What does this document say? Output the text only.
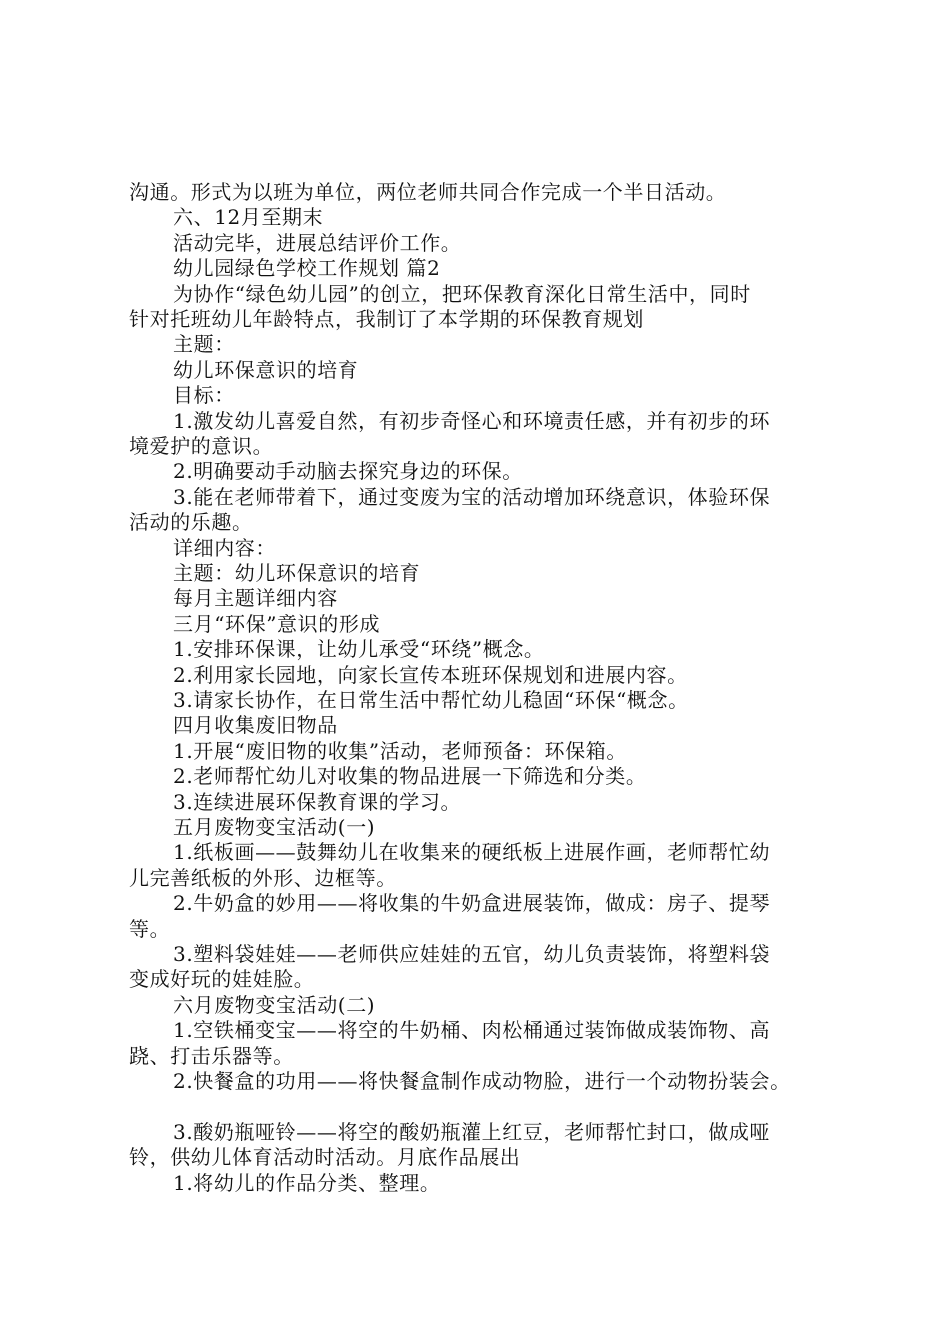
沟通。形式为以班为单位，两位老师共同合作完成一个半日活动。
六、12月至期末
活动完毕，进展总结评价工作。
幼儿园绿色学校工作规划 篇2
为协作“绿色幼儿园”的创立，把环保教育深化日常生活中，同时
针对托班幼儿年龄特点，我制订了本学期的环保教育规划
主题：
幼儿环保意识的培育
目标：
1.激发幼儿喜爱自然，有初步奇怪心和环境责任感，并有初步的环
境爱护的意识。
2.明确要动手动脑去探究身边的环保。
3.能在老师带着下，通过变废为宝的活动增加环绕意识，体验环保
活动的乐趣。
详细内容：
主题：幼儿环保意识的培育
每月主题详细内容
三月“环保”意识的形成
1.安排环保课，让幼儿承受“环绕”概念。
2.利用家长园地，向家长宣传本班环保规划和进展内容。
3.请家长协作，在日常生活中帮忙幼儿稳固“环保“概念。
四月收集废旧物品
1.开展“废旧物的收集”活动，老师预备：环保箱。
2.老师帮忙幼儿对收集的物品进展一下筛选和分类。
3.连续进展环保教育课的学习。
五月废物变宝活动(一)
1.纸板画——鼓舞幼儿在收集来的硬纸板上进展作画，老师帮忙幼
儿完善纸板的外形、边框等。
2.牛奶盒的妙用——将收集的牛奶盒进展装饰，做成：房子、提琴
等。
3.塑料袋娃娃——老师供应娃娃的五官，幼儿负责装饰，将塑料袋
变成好玩的娃娃脸。
六月废物变宝活动(二)
1.空铁桶变宝——将空的牛奶桶、肉松桶通过装饰做成装饰物、高
跷、打击乐器等。
2.快餐盒的功用——将快餐盒制作成动物脸，进行一个动物扮装会。
3.酸奶瓶哑铃——将空的酸奶瓶灌上红豆，老师帮忙封口，做成哑
铃，供幼儿体育活动时活动。月底作品展出
1.将幼儿的作品分类、整理。
